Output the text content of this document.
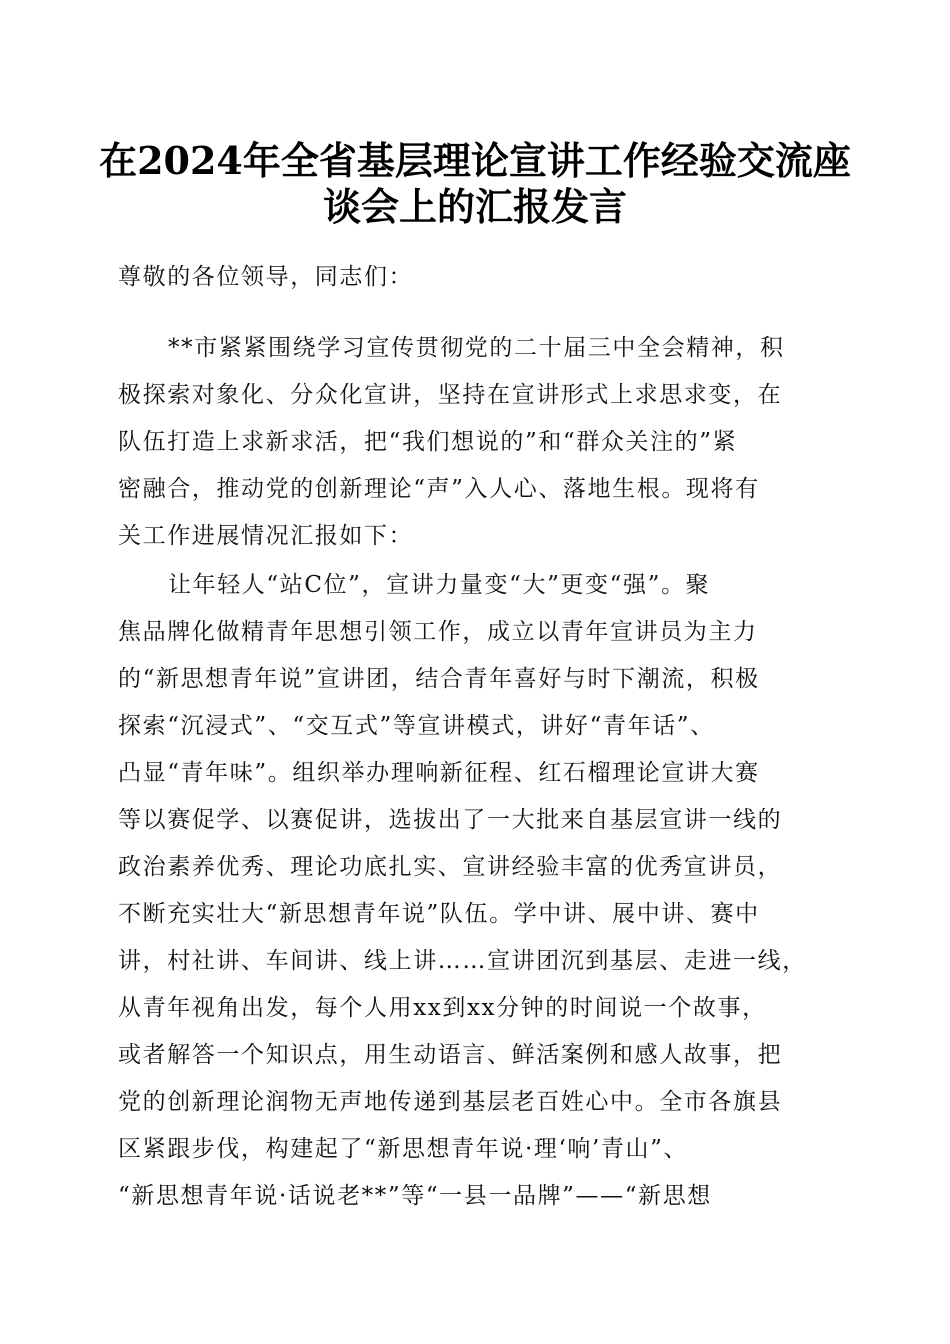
在2024年全省基层理论宣讲工作经验交流座
谈会上的汇报发言

尊敬的各位领导，同志们：

**市紧紧围绕学习宣传贯彻党的二十届三中全会精神，积

极探索对象化、分众化宣讲，坚持在宣讲形式上求思求变，在

队伍打造上求新求活，把“我们想说的”和“群众关注的”紧

密融合，推动党的创新理论“声”入人心、落地生根。现将有

关工作进展情况汇报如下：

让年轻人“站C位”，宣讲力量变“大”更变“强”。聚

焦品牌化做精青年思想引领工作，成立以青年宣讲员为主力

的“新思想青年说”宣讲团，结合青年喜好与时下潮流，积极

探索“沉浸式”、“交互式”等宣讲模式，讲好“青年话”、

凸显“青年味”。组织举办理响新征程、红石榴理论宣讲大赛

等以赛促学、以赛促讲，选拔出了一大批来自基层宣讲一线的

政治素养优秀、理论功底扎实、宣讲经验丰富的优秀宣讲员，

不断充实壮大“新思想青年说”队伍。学中讲、展中讲、赛中

讲，村社讲、车间讲、线上讲……宣讲团沉到基层、走进一线，

从青年视角出发，每个人用xx到xx分钟的时间说一个故事，

或者解答一个知识点，用生动语言、鲜活案例和感人故事，把

党的创新理论润物无声地传递到基层老百姓心中。全市各旗县

区紧跟步伐，构建起了“新思想青年说·理‘响’青山”、

“新思想青年说·话说老**”等“一县一品牌”——“新思想
